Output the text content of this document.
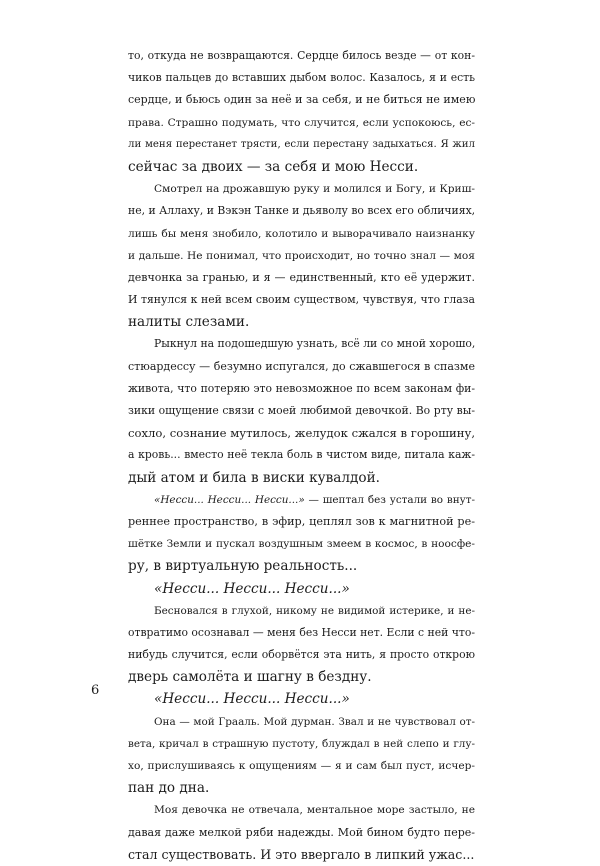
то, откуда не возвращаются. Сердце билось везде — от кон-
чиков пальцев до вставших дыбом волос. Казалось, я и есть
сердце, и бьюсь один за неё и за себя, и не биться не имею
права. Страшно подумать, что случится, если успокоюсь, ес-
ли меня перестанет трясти, если перестану задыхаться. Я жил
сейчас за двоих — за себя и мою Несси.
Смотрел на дрожавшую руку и молился и Богу, и Криш-
не, и Аллаху, и Вэкэн Танке и дьяволу во всех его обличиях,
лишь бы меня знобило, колотило и выворачивало наизнанку
и дальше. Не понимал, что происходит, но точно знал — моя
девчонка за гранью, и я — единственный, кто её удержит.
И тянулся к ней всем своим существом, чувствуя, что глаза
налиты слезами.
Рыкнул на подошедшую узнать, всё ли со мной хорошо,
стюардессу — безумно испугался, до сжавшегося в спазме
живота, что потеряю это невозможное по всем законам фи-
зики ощущение связи с моей любимой девочкой. Во рту вы-
сохло, сознание мутилось, желудок сжался в горошину,
а кровь... вместо неё текла боль в чистом виде, питала каж-
дый атом и била в виски кувалдой.
«Несси... Несси... Несси...» — шептал без устали во внут-
реннее пространство, в эфир, цеплял зов к магнитной ре-
шётке Земли и пускал воздушным змеем в космос, в ноосфе-
ру, в виртуальную реальность...
«Несси... Несси... Несси...»
Бесновался в глухой, никому не видимой истерике, и не-
отвратимо осознавал — меня без Несси нет. Если с ней что-
нибудь случится, если оборвётся эта нить, я просто открою
дверь самолёта и шагну в бездну.
«Несси... Несси... Несси...»
Она — мой Грааль. Мой дурман. Звал и не чувствовал от-
вета, кричал в страшную пустоту, блуждал в ней слепо и глу-
хо, прислушиваясь к ощущениям — я и сам был пуст, исчер-
пан до дна.
Моя девочка не отвечала, ментальное море застыло, не
давая даже мелкой ряби надежды. Мой бином будто пере-
стал существовать. И это ввергало в липкий ужас...
6
